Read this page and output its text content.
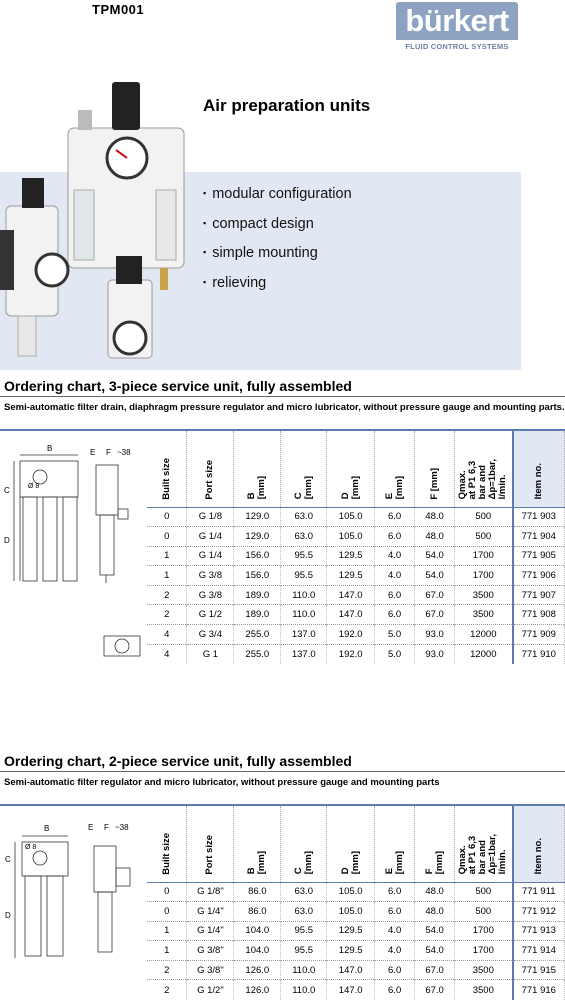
TPM001	bürkert
FLUID CONTROL SYSTEMS
Air preparation units
▪ modular configuration
▪ compact design
▪ simple mounting
▪ relieving
Ordering chart, 3-piece service unit, fully assembled
Semi-automatic filter drain, diaphragm pressure regulator and micro lubricator, without pressure gauge and mounting parts.
B
C
D
E F ~38
Ø 8	Built size	Port size	B
[mm]	C
[mm]	D
[mm]	E
[mm]	F [mm]	Qmax.
at P1 6,3
bar and
Δp=1bar,
l/min.	Item no.
0	G 1/8	129.0	63.0	105.0	6.0	48.0	500	771 903
0	G 1/4	129.0	63.0	105.0	6.0	48.0	500	771 904
1	G 1/4	156.0	95.5	129.5	4.0	54.0	1700	771 905
1	G 3/8	156.0	95.5	129.5	4.0	54.0	1700	771 906
2	G 3/8	189.0	110.0	147.0	6.0	67.0	3500	771 907
2	G 1/2	189.0	110.0	147.0	6.0	67.0	3500	771 908
4	G 3/4	255.0	137.0	192.0	5.0	93.0	12000	771 909
4	G 1	255.0	137.0	192.0	5.0	93.0	12000	771 910
Ordering chart, 2-piece service unit, fully assembled
Semi-automatic filter regulator and micro lubricator, without pressure gauge and mounting parts
B
C
D
E F ~38
Ø 8	Built size	Port size	B
[mm]	C
[mm]	D
[mm]	E
[mm]	F
[mm]	Qmax.
at P1 6,3
bar and
Δp=1bar,
l/min.	Item no.
0	G 1/8"	86.0	63.0	105.0	6.0	48.0	500	771 911
0	G 1/4"	86.0	63.0	105.0	6.0	48.0	500	771 912
1	G 1/4"	104.0	95.5	129.5	4.0	54.0	1700	771 913
1	G 3/8"	104.0	95.5	129.5	4.0	54.0	1700	771 914
2	G 3/8"	126.0	110.0	147.0	6.0	67.0	3500	771 915
2	G 1/2"	126.0	110.0	147.0	6.0	67.0	3500	771 916
